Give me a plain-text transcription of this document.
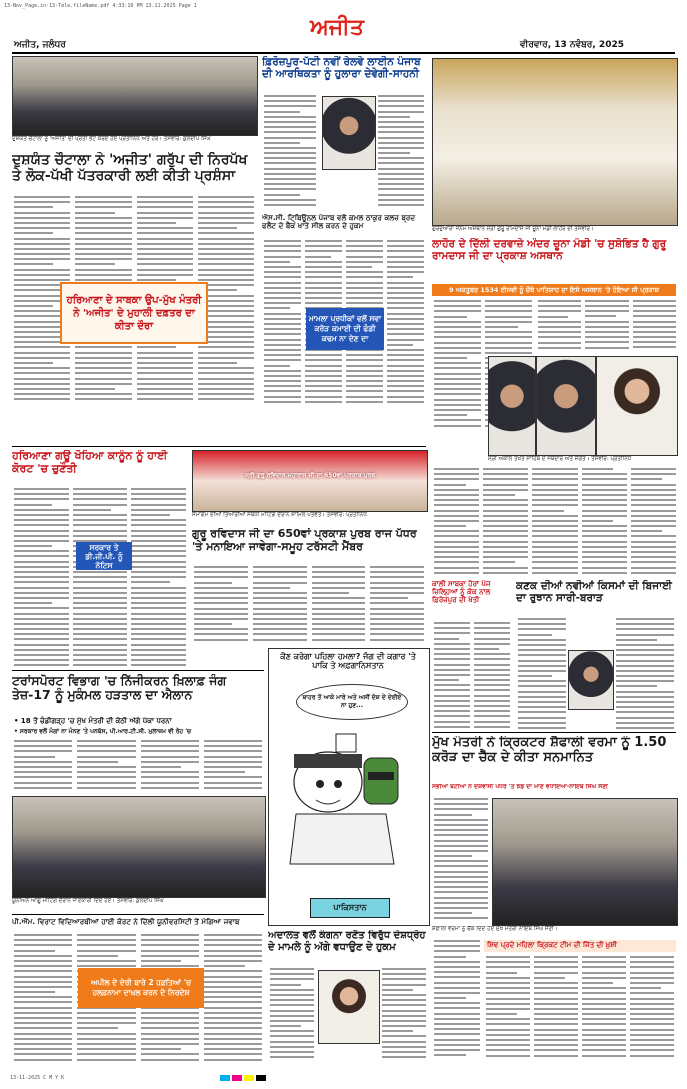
13-Nov_Page.in-13-Tele.fileName.pdf 4:33:10 PM 13.11.2025 Page 1
ਅਜੀਤ, ਜਲੰਧਰ
ਅਜੀਤ
ਵੀਰਵਾਰ, 13 ਨਵੰਬਰ, 2025
ਦੁਸ਼ਯੰਤ ਚੌਟਾਲਾ ਨੂੰ 'ਅਜੀਤ' ਦੀ ਪ੍ਰਤੀ ਭੇਟ ਕਰਦੇ ਹੋਏ ਪ੍ਰਤੀਨਿਧ ਅਤੇ ਹੋਰ। ਤਸਵੀਰ: ਕੁਲਦੀਪ ਸਿੰਘ
ਦੁਸ਼ਯੰਤ ਚੌਟਾਲਾ ਨੇ 'ਅਜੀਤ' ਗਰੁੱਪ ਦੀ ਨਿਰਪੱਖ ਤੇ ਲੋਕ-ਪੱਖੀ ਪੱਤਰਕਾਰੀ ਲਈ ਕੀਤੀ ਪ੍ਰਸ਼ੰਸਾ
ਹਰਿਆਣਾ ਦੇ ਸਾਬਕਾ ਉਪ-ਮੁੱਖ ਮੰਤਰੀ ਨੇ 'ਅਜੀਤ' ਦੇ ਮੁਹਾਲੀ ਦਫ਼ਤਰ ਦਾ ਕੀਤਾ ਦੌਰਾ
ਫ਼ਿਰੋਜ਼ਪੁਰ-ਪੱਟੀ ਨਵੀਂ ਰੇਲਵੇ ਲਾਈਨ ਪੰਜਾਬ ਦੀ ਆਰਥਿਕਤਾ ਨੂੰ ਹੁਲਾਰਾ ਦੇਵੇਗੀ-ਸਾਹਨੀ
ਐਸ.ਸੀ. ਟਿ੍ਬਿਊਨਲ ਪੰਜਾਬ ਵਲੋਂ ਕਮਲ ਠਾਕੁਰ ਕਲਜ਼ ਬ੍ਰਦ ਫਲੈਟ ਦੇ ਬੈਂਕ ਖਾਤੇ ਸੀਲ ਕਰਨ ਦੇ ਹੁਕਮ
ਮਾਮਲਾ ਪ੍ਰਧੀਕਾਂ ਵਲੋਂ ਸਵਾ ਕਰੋੜ ਕਮਾਈ ਦੀ ਫੰਡੀ ਕਢਮ ਨਾ ਦੇਣ ਦਾ
ਗੁਰਦੁਆਰਾ ਜਨਮ ਅਸਥਾਨ ਸ੍ਰੀ ਗੁਰੂ ਰਾਮਦਾਸ ਜੀ ਚੂਨਾ ਮੰਡੀ ਲਾਹੌਰ ਦੀ ਤਸਵੀਰ।
ਲਾਹੌਰ ਦੇ ਦਿੱਲੀ ਦਰਵਾਜ਼ੇ ਅੰਦਰ ਚੂਨਾ ਮੰਡੀ 'ਚ ਸੁਸ਼ੋਭਿਤ ਹੈ ਗੁਰੂ ਰਾਮਦਾਸ ਜੀ ਦਾ ਪ੍ਰਕਾਸ਼ ਅਸਥਾਨ
9 ਅਕਤੂਬਰ 1534 ਈਸਵੀ ਨੂੰ ਚੌਥੇ ਪਾਤਿਸ਼ਾਹ ਦਾ ਇਸੇ ਅਸਥਾਨ 'ਤੇ ਹੋਇਆ ਸੀ ਪ੍ਰਕਾਸ਼
ਸ੍ਰੀ ਅਕਾਲ ਤਖ਼ਤ ਸਾਹਿਬ ਦੇ ਜਥੇਦਾਰ ਅਤੇ ਸੰਗਤ। ਤਸਵੀਰ: ਪ੍ਰਤੀਨਿਧ
ਹਰਿਆਣਾ ਗਊ ਖੋਹਿਆ ਕਾਨੂੰਨ ਨੂੰ ਹਾਈ ਕੋਰਟ 'ਚ ਚੁਣੌਤੀ
ਸਰਕਾਰ ਤੇ ਡੀ.ਜੀ.ਪੀ. ਨੂੰ ਨੋਟਿਸ
ਸ੍ਰੀ ਗੁਰੂ ਰਵਿਦਾਸ ਮਹਾਰਾਜ ਜੀ ਦਾ 650ਵਾਂ ਪ੍ਰਕਾਸ਼ ਪੁਰਬ
ਸਮਾਗਮ ਦੀਆਂ ਤਿਆਰੀਆਂ ਸਬੰਧੀ ਮੀਟਿੰਗ ਦੌਰਾਨ ਸ਼ਾਮਿਲ ਪਤਵੰਤੇ। ਤਸਵੀਰ: ਪ੍ਰਤੀਨਿਧ
ਗੁਰੂ ਰਵਿਦਾਸ ਜੀ ਦਾ 650ਵਾਂ ਪ੍ਰਕਾਸ਼ ਪੁਰਬ ਰਾਜ ਪੱਧਰ 'ਤੇ ਮਨਾਇਆ ਜਾਵੇਗਾ-ਸਮੂਹ ਟਰੱਸਟੀ ਮੈਂਬਰ
ਟਰਾਂਸਪੋਰਟ ਵਿਭਾਗ 'ਚ ਨਿੱਜੀਕਰਨ ਖ਼ਿਲਾਫ਼ ਜੰਗ ਤੇਜ਼-17 ਨੂੰ ਮੁਕੰਮਲ ਹੜਤਾਲ ਦਾ ਐਲਾਨ
• 18 ਤੋਂ ਚੰਡੀਗੜ੍ਹ 'ਚ ਮੁੱਖ ਮੰਤਰੀ ਦੀ ਕੋਠੀ ਅੱਗੇ ਪੱਕਾ ਧਰਨਾ
• ਸਰਕਾਰ ਵਲੋਂ ਮੰਗਾਂ ਨਾ ਮੰਨਣ 'ਤੇ ਪਨਬੱਸ, ਪੀ.ਆਰ.ਟੀ.ਸੀ. ਮੁਲਾਜ਼ਮ ਵੀ ਰੋਹ 'ਚ
ਯੂਨੀਅਨ ਆਗੂ ਮੀਟਿੰਗ ਦੌਰਾਨ ਜਾਣਕਾਰੀ ਦਿੰਦੇ ਹੋਏ। ਤਸਵੀਰ: ਕੁਲਦੀਪ ਸਿੰਘ
ਪੀ.ਐੱਮ. ਵਿਰਾਟ ਵਿਦਿਆਰਥੀਆਂ ਹਾਈ ਕੋਰਟ ਨੇ ਦਿੱਲੀ ਯੂਨੀਵਰਸਿਟੀ ਤੋਂ ਮੰਗਿਆ ਜਵਾਬ
ਅਪੀਲ ਦੇ ਦੇਰੀ ਬਾਰੇ 2 ਹਫ਼ਤਿਆਂ 'ਚ ਹਲਫ਼ਨਾਮਾ ਦਾਖ਼ਲ ਕਰਨ ਦੇ ਨਿਰਦੇਸ਼
ਕੌਣ ਕਰੇਗਾ ਪਹਿਲਾ ਹਮਲਾ? ਜੰਗ ਦੀ ਕਗਾਰ 'ਤੇ ਪਾਕਿ ਤੇ ਅਫ਼ਗਾਨਿਸਤਾਨ
ਬਾਹਰ ਤੋਂ ਆਕੇ ਮਾਰੇ ਅਤੇ ਅਸੀਂ ਦੋਸ਼ ਦੇ ਦੇਈਏ ਨਾ ਹੁਣ...
ਪਾਕਿਸਤਾਨ
ਕਾਲੀ ਸਾਬਕਾ ਹੋਰਾਂ ਪੰਜ ਜ਼ਿਲ੍ਹਿਆਂ ਨੂੰ ਕੋਕ ਨਾਲ ਫ਼ਿਰੋਜ਼ਪੁਰ ਦੀ ਖੇਤੀ
ਕਣਕ ਦੀਆਂ ਨਵੀਆਂ ਕਿਸਮਾਂ ਦੀ ਬਿਜਾਈ ਦਾ ਰੁਝਾਨ ਸਾਰੀ-ਬਰਾੜ
ਮੁੱਖ ਮੰਤਰੀ ਨੇ ਕ੍ਰਿਕਟਰ ਸ਼ੈਫਾਲੀ ਵਰਮਾ ਨੂੰ 1.50 ਕਰੋੜ ਦਾ ਚੈੱਕ ਦੇ ਕੀਤਾ ਸਨਮਾਨਿਤ
ਸਭੀਆਂ ਬੇਟੀਆਂ ਨੇ ਦੇਸ਼ਵਾਸੀ ਪੱਧਰ 'ਤੇ ਝੰਡੇ ਦਾ ਮਾਣ ਵਧਾਇਆ-ਨਾਇਬ ਸਿੰਘ ਸੈਣੀ
ਸ਼ੈਫਾਲੀ ਵਰਮਾ ਨੂੰ ਚੈੱਕ ਦਿੰਦੇ ਹੋਏ ਮੁੱਖ ਮੰਤਰੀ ਨਾਇਬ ਸਿੰਘ ਸੈਣੀ।
ਅਦਾਲਤ ਵਲੋਂ ਕੰਗਨਾ ਰਣੌਤ ਵਿਰੁੱਧ ਦੇਸ਼ਧ੍ਰੋਹ ਦੇ ਮਾਮਲੇ ਨੂੰ ਅੱਗੇ ਵਧਾਉਣ ਦੇ ਹੁਕਮ	ਸ਼ਿਵ ਪ੍ਰਦੇ ਮਹਿਲਾ ਕ੍ਰਿਕਟ ਟੀਮ ਦੀ ਜਿੱਤ ਦੀ ਖ਼ੁਸ਼ੀ
13-11-2025 C M Y K
